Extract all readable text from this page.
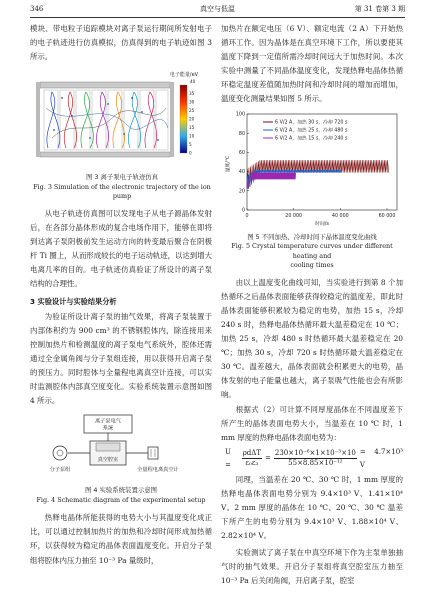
346	真空与低温	第 31 卷第 3 期

模块、带电粒子追踪模块对离子泵运行期间所发射电子的电子轨迹进行仿真模拟，仿真得到的电子轨迹如图 3 所示。

电子能量/eV
40
35
30
25
20
15
10
5
0
图 3 离子泵电子轨迹仿真
Fig. 3 Simulation of the electronic trajectory of the ion pump

从电子轨迹仿真图可以发现电子从电子源晶体发射后，在各部分晶体形成的复合电场作用下，能够在即将到达离子泵阴极前发生运动方向的转变最后聚合在阴极杆 Ti 圈上，从而形成较长的电子运动轨迹，以达到增大电离几率的目的。电子轨迹仿真验证了所设计的离子泵结构的合理性。

3 实验设计与实验结果分析

为验证所设计离子泵的抽气效果，将离子泵装置于内部体积约为 900 cm³ 的不锈钢腔体内，除连接用来控制加热片和检测温度的离子泵电气系统外，腔体还需通过全金属角阀与分子泵组连接，用以获得开启离子泵的预压力。同时腔体与全量程电离真空计连接，可以实时监测腔体内部真空度变化。实验系统装置示意图如图 4 所示。

离子泵电气
系统
真空腔室
分子泵组	全量程电离真空计
图 4 实验系统装置示意图
Fig. 4 Schematic diagram of the experimental setup

热释电晶体所能获得的电势大小与其温度变化成正比，可以通过控制加热片的加热和冷却时间形成加热循环，以获得较为稳定的晶体表面温度变化。开启分子泵组将腔体内压力抽至 10⁻³ Pa 量级时，

加热片在额定电压（6 V）、额定电流（2 A）下开始热循环工作。因为晶体是在真空环境下工作，所以要使其温度下降到一定值所需冷却时间远大于加热时间。本次实验中测量了不同晶体温度变化，发现热释电晶体热循环稳定温度差值随加热时间和冷却时间的增加而增加，温度变化测量结果如图 5 所示。

6 V/2 A，加热 30 s，冷却 720 s
6 V/2 A，加热 25 s，冷却 480 s
6 V/2 A，加热 15 s，冷却 240 s
0
20
40
60
80
100
0	20 000	40 000	60 000
温度/℃
时间/s
图 5 不同加热、冷却时间下晶体温度变化曲线
Fig. 5 Crystal temperature curves under different heating and
cooling times

由以上温度变化曲线可知，当实验进行到第 8 个加热循环之后晶体表面能够获得较稳定的温度差，即此时晶体表面能够积累较为稳定的电势，加热 15 s，冷却 240 s 时，热释电晶体热循环最大温差稳定在 10 ℃；加热 25 s，冷却 480 s 时热循环最大温差稳定在 20 ℃；加热 30 s，冷却 720 s 时热循环最大温差稳定在 30 ℃。温差越大，晶体表面就会积累更大的电势，晶体发射的电子能量也越大，离子泵吸气性能也会有所影响。

根据式（2）可计算不同厚度晶体在不同温度差下所产生的晶体表面电势大小，当温差在 10 ℃ 时，1 mm 厚度的热释电晶体表面电势为：

U =
ρdΔT
ε₀ε₃
= $\frac{\text{230×10⁻⁶×1×10⁻³×10}}{\text{55×8.85×10⁻¹²}} = 4.7\times 10^3$ V

同理，当温差在 20 ℃、30 ℃ 时，1 mm 厚度的热释电晶体表面电势分别为 9.4×10³ V、1.41×10⁴ V。2 mm 厚度的晶体在 10 ℃、20 ℃、30 ℃ 温差下所产生的电势分别为 9.4×10³ V、1.88×10⁴ V、2.82×10⁴ V。

实验测试了离子泵在中真空环境下作为主泵单独抽气时的抽气效果。开启分子泵组将真空腔室压力抽至 10⁻³ Pa 后关闭角阀，开启离子泵，腔室
